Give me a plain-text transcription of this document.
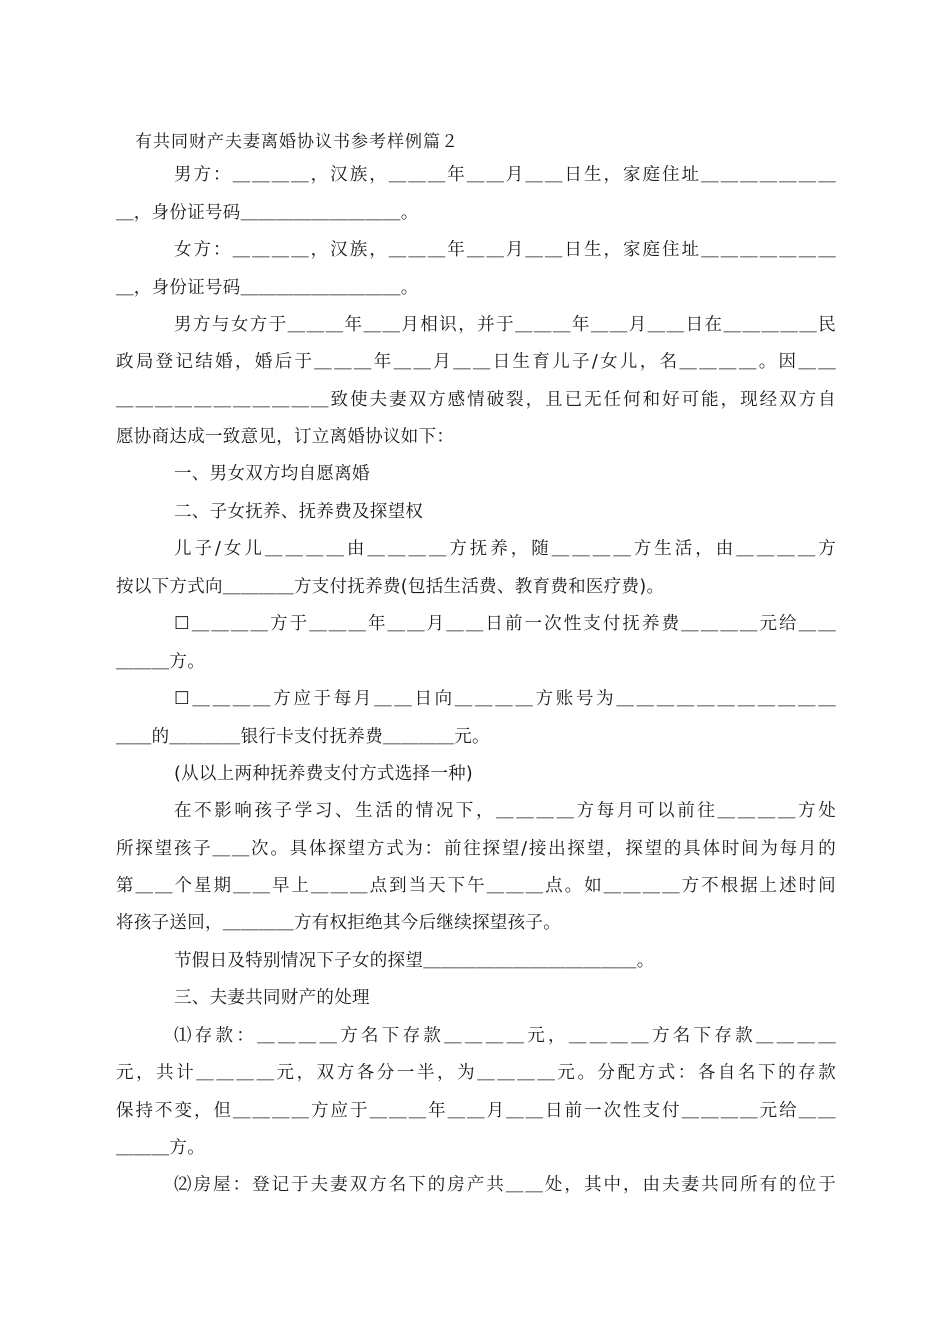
有共同财产夫妻离婚协议书参考样例篇２
男方：＿＿＿＿，汉族，＿＿＿年＿＿月＿＿日生，家庭住址＿＿＿＿＿＿＿
＿，身份证号码＿＿＿＿＿＿＿＿＿。
女方：＿＿＿＿，汉族，＿＿＿年＿＿月＿＿日生，家庭住址＿＿＿＿＿＿＿
＿，身份证号码＿＿＿＿＿＿＿＿＿。
男方与女方于＿＿＿年＿＿月相识，并于＿＿＿年＿＿月＿＿日在＿＿＿＿＿民
政局登记结婚，婚后于＿＿＿年＿＿月＿＿日生育儿子/女儿，名＿＿＿＿。因＿＿
＿＿＿＿＿＿＿＿＿＿＿致使夫妻双方感情破裂，且已无任何和好可能，现经双方自
愿协商达成一致意见，订立离婚协议如下：
一、男女双方均自愿离婚
二、子女抚养、抚养费及探望权
儿子/女儿＿＿＿＿由＿＿＿＿方抚养，随＿＿＿＿方生活，由＿＿＿＿方
按以下方式向＿＿＿＿方支付抚养费(包括生活费、教育费和医疗费)。
☐＿＿＿＿方于＿＿＿年＿＿月＿＿日前一次性支付抚养费＿＿＿＿元给＿＿
＿＿＿方。
☐＿＿＿＿方应于每月＿＿日向＿＿＿＿方账号为＿＿＿＿＿＿＿＿＿＿＿
＿＿的＿＿＿＿银行卡支付抚养费＿＿＿＿元。
(从以上两种抚养费支付方式选择一种)
在不影响孩子学习、生活的情况下，＿＿＿＿方每月可以前往＿＿＿＿方处
所探望孩子＿＿次。具体探望方式为：前往探望/接出探望，探望的具体时间为每月的
第＿＿个星期＿＿早上＿＿＿点到当天下午＿＿＿点。如＿＿＿＿方不根据上述时间
将孩子送回，＿＿＿＿方有权拒绝其今后继续探望孩子。
节假日及特别情况下子女的探望＿＿＿＿＿＿＿＿＿＿＿＿。
三、夫妻共同财产的处理
⑴存款：＿＿＿＿方名下存款＿＿＿＿元，＿＿＿＿方名下存款＿＿＿＿
元，共计＿＿＿＿元，双方各分一半，为＿＿＿＿元。分配方式：各自名下的存款
保持不变，但＿＿＿＿方应于＿＿＿年＿＿月＿＿日前一次性支付＿＿＿＿元给＿＿
＿＿＿方。
⑵房屋：登记于夫妻双方名下的房产共＿＿处，其中，由夫妻共同所有的位于
